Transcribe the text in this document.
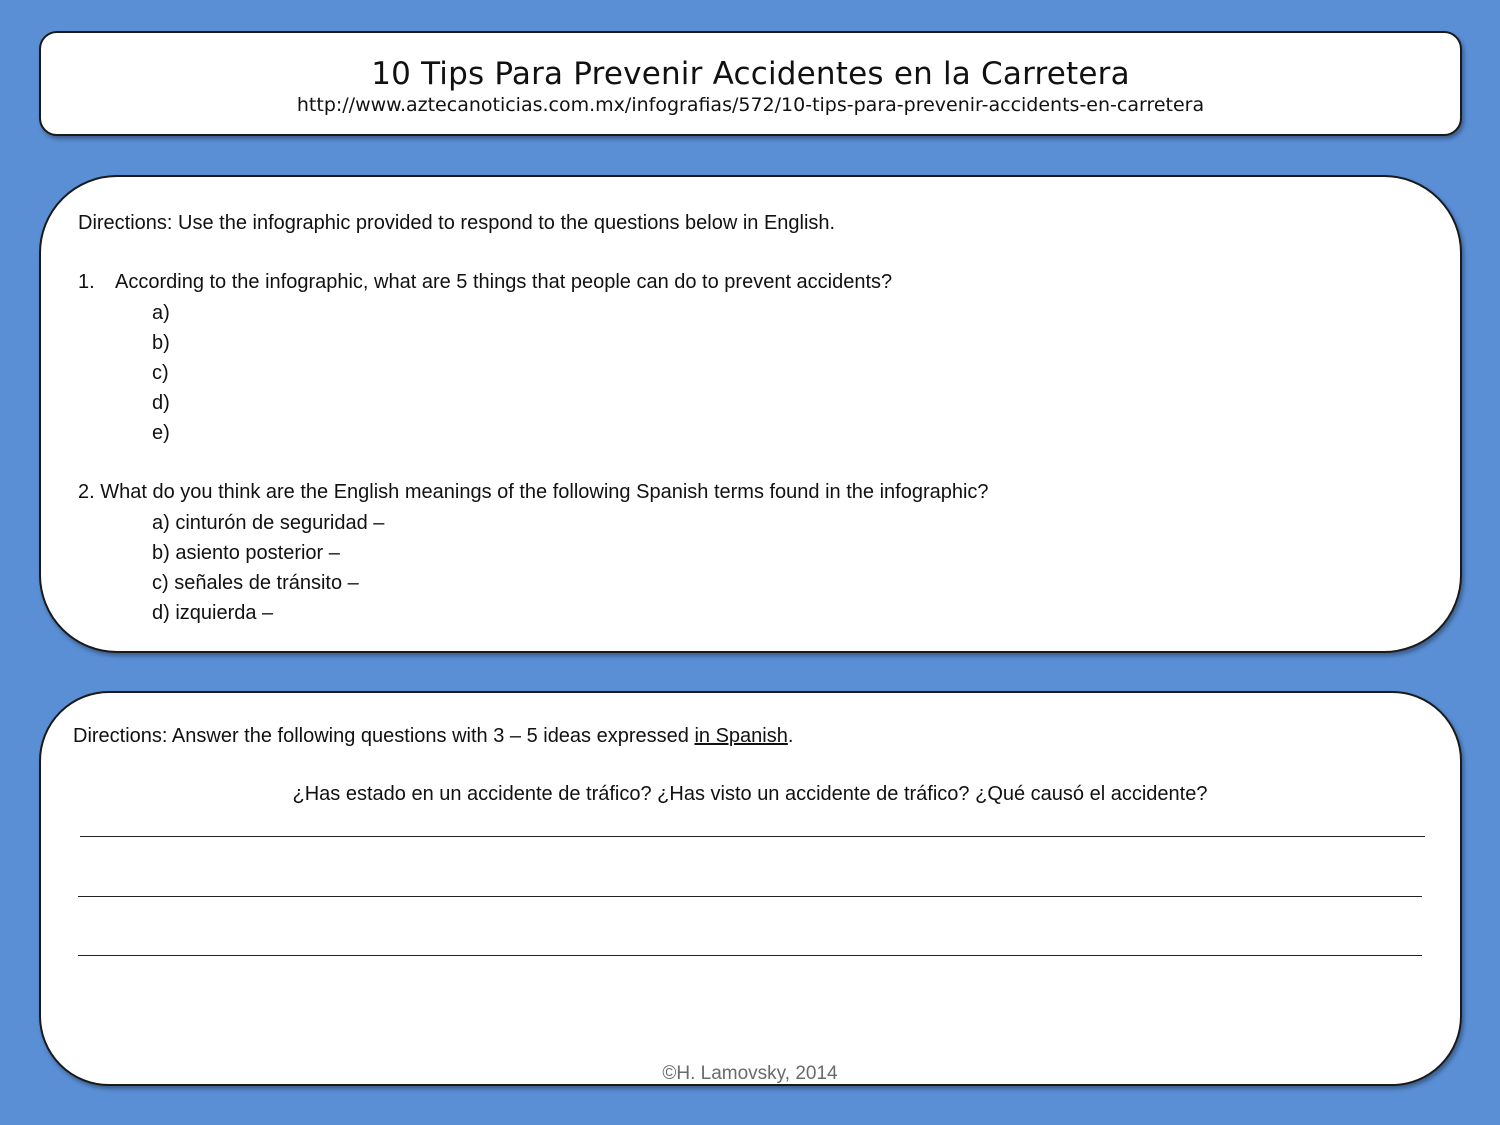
10 Tips Para Prevenir Accidentes en la Carretera
http://www.aztecanoticias.com.mx/infografias/572/10-tips-para-prevenir-accidents-en-carretera
Directions: Use the infographic provided to respond to the questions below in English.
1. According to the infographic, what are 5 things that people can do to prevent accidents?
a)
b)
c)
d)
e)
2. What do you think are the English meanings of the following Spanish terms found in the infographic?
a) cinturón de seguridad –
b) asiento posterior –
c) señales de tránsito –
d) izquierda –
Directions: Answer the following questions with 3 – 5 ideas expressed in Spanish.
¿Has estado en un accidente de tráfico? ¿Has visto un accidente de tráfico? ¿Qué causó el accidente?
©H. Lamovsky, 2014
